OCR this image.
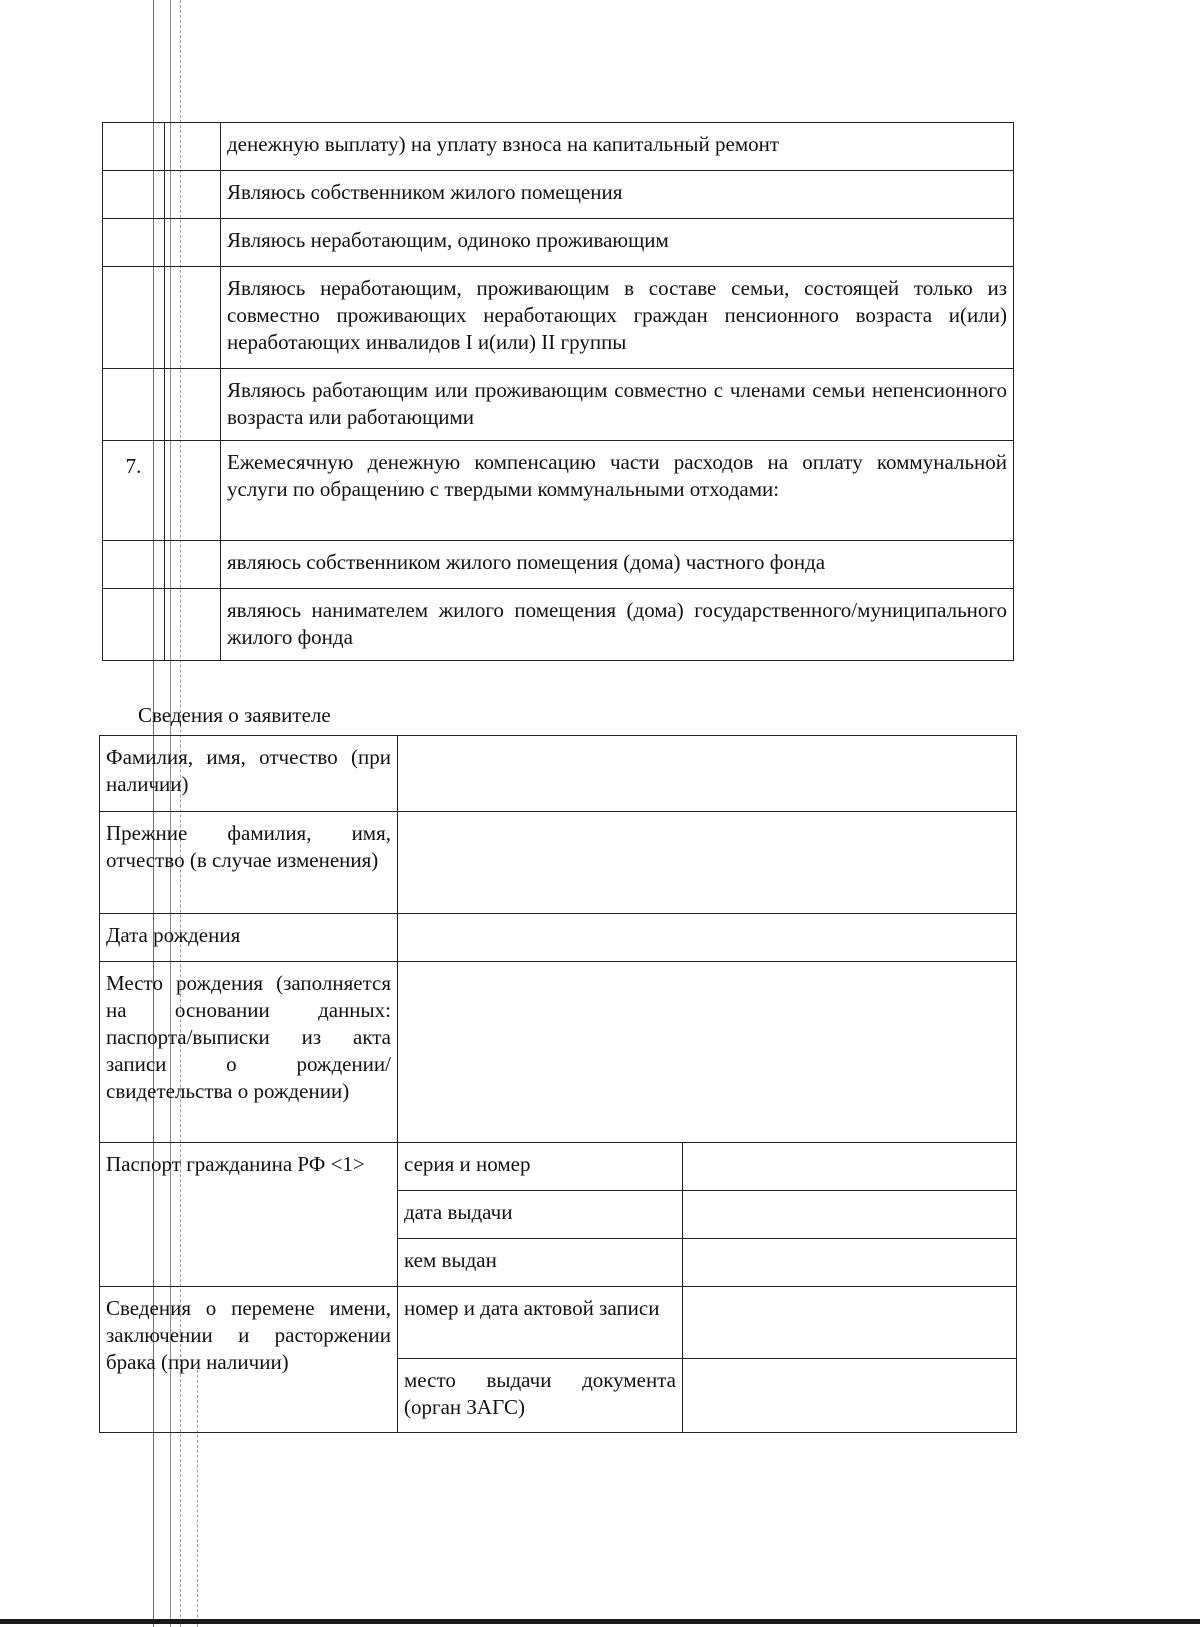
		денежную выплату) на уплату взноса на капитальный ремонт
		Являюсь собственником жилого помещения
		Являюсь неработающим, одиноко проживающим
		Являюсь неработающим, проживающим в составе семьи, состоящей только из совместно проживающих неработающих граждан пенсионного возраста и(или) неработающих инвалидов I и(или) II группы
		Являюсь работающим или проживающим совместно с членами семьи непенсионного возраста или работающими
7.		Ежемесячную денежную компенсацию части расходов на оплату коммунальной услуги по обращению с твердыми коммунальными отходами:
		являюсь собственником жилого помещения (дома) частного фонда
		являюсь нанимателем жилого помещения (дома) государственного/муниципального жилого фонда
Сведения о заявителе
Фамилия, имя, отчество (при наличии)		
Прежние фамилия, имя, отчество (в случае изменения)		
Дата рождения		
Место рождения (заполняется на основании данных: паспорта/выписки из акта записи о рождении/свидетельства о рождении)		
Паспорт гражданина РФ <1>	серия и номер	
	дата выдачи	
	кем выдан	
Сведения о перемене имени, заключении и расторжении брака (при наличии)	номер и дата актовой записи	
	место выдачи документа (орган ЗАГС)	
